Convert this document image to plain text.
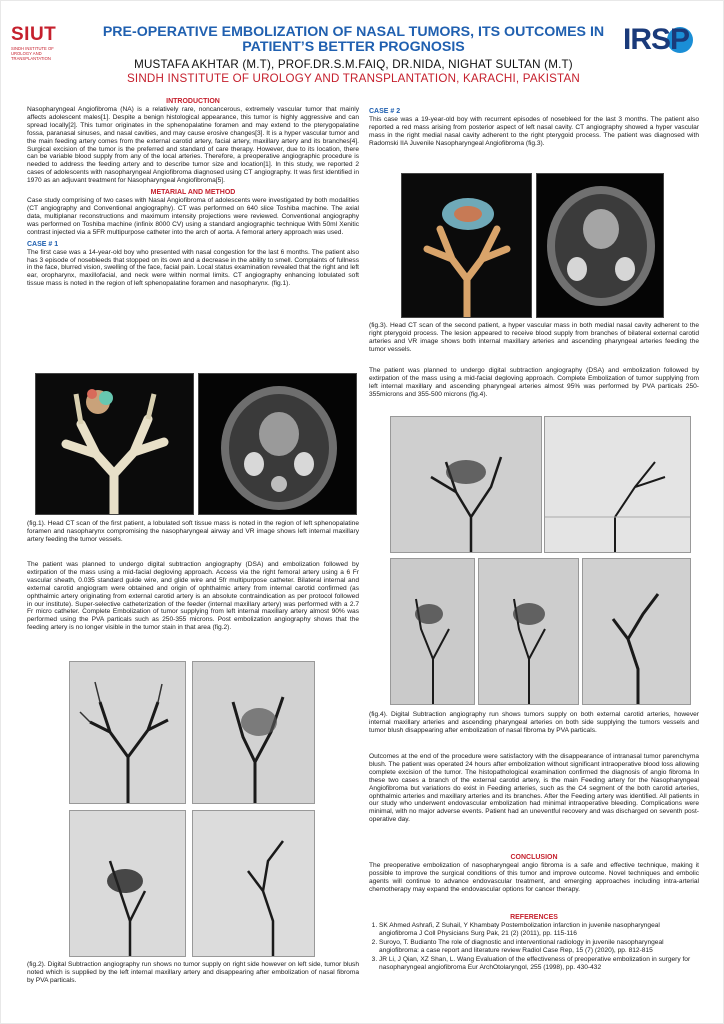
SIUT
SINDH INSTITUTE OF UROLOGY AND TRANSPLANTATION
IRSP
PRE-OPERATIVE EMBOLIZATION OF NASAL TUMORS, ITS OUTCOMES IN
PATIENT’S BETTER PROGNOSIS
MUSTAFA AKHTAR (M.T), PROF.DR.S.M.FAIQ, DR.NIDA, NIGHAT SULTAN (M.T)
SINDH INSTITUTE OF UROLOGY AND TRANSPLANTATION, KARACHI, PAKISTAN
INTRODUCTION
Nasopharyngeal Angiofibroma (NA) is a relatively rare, noncancerous, extremely vascular tumor that mainly affects adolescent males[1]. Despite a benign histological appearance, this tumor is highly aggressive and can spread locally[2]. This tumor originates in the sphenopalatine foramen and may extend to the pterygopalatine fossa, paranasal sinuses, and nasal cavities, and may cause erosive changes[3]. It is a hyper vascular tumor and the main feeding artery comes from the external carotid artery, facial artery, maxillary artery and its branches[4]. Surgical excision of the tumor is the preferred and standard of care therapy. However, due to its location, there can be variable blood supply from any of the local arteries. Therefore, a preoperative angiographic procedure is needed to address the feeding artery and to describe tumor size and location[1]. In this study, we reported 2 cases of adolescents with nasopharyngeal Angiofibroma diagnosed using CT angiography. It was first identified in 1970 as an adjuvant treatment for Nasopharyngeal Angiofibroma[5].
METARIAL AND METHOD
Case study comprising of two cases with Nasal Angiofibroma of adolescents were investigated by both modalities (CT angiography and Conventional angiography). CT was performed on 640 slice Toshiba machine. The axial data, multiplanar reconstructions and maximum intensity projections were reviewed. Conventional angiography was performed on Toshiba machine (infinix 8000 CV) using a standard angiographic technique With 50ml Xenitic contrast injected via a 5FR multipurpose catheter into the arch of aorta. A femoral artery approach was used.
CASE # 1
The first case was a 14-year-old boy who presented with nasal congestion for the last 6 months. The patient also has 3 episode of nosebleeds that stopped on its own and a decrease in the ability to smell. Complaints of fullness in the face, blurred vision, swelling of the face, facial pain. Local status examination revealed that the right and left ear, oropharynx, maxillofacial, and neck were within normal limits. CT angiography enhancing lobulated soft tissue mass is noted in the region of left sphenopalatine foramen and nasopharynx. (fig.1).
(fig.1). Head CT scan of the first patient, a lobulated soft tissue mass is noted in the region of left sphenopalatine foramen and nasopharynx compromising the nasopharyngeal airway and VR image shows left internal maxillary artery feeding the tumor vessels.
The patient was planned to undergo digital subtraction angiography (DSA) and embolization followed by extirpation of the mass using a mid-facial degloving approach. Access via the right femoral artery using a 6 Fr vascular sheath, 0.035 standard guide wire, and glide wire and 5fr multipurpose catheter. Bilateral internal and external carotid angiogram were obtained and origin of ophthalmic artery from internal carotid confirmed (as ophthalmic artery originating from external carotid artery is an absolute contraindication as per protocol followed in our institute). Super-selective catheterization of the feeder (internal maxillary artery) was performed with a 2.7 Fr micro catheter. Complete Embolization of tumor supplying from left internal maxillary artery almost 90% was performed using the PVA particals such as 250-355 microns. Post embolization angiography shows that the feeding artery is no longer visible in the tumor stain in that area (fig.2).
(fig.2). Digital Subtraction angiography run shows no tumor supply on right side however on left side, tumor blush noted which is supplied by the left internal maxillary artery and disappearing after embolization of nasal fibroma by PVA particals.
CASE # 2
This case was a 19-year-old boy with recurrent episodes of nosebleed for the last 3 months. The patient also reported a red mass arising from posterior aspect of left nasal cavity. CT angiography showed a hyper vascular mass in the right medial nasal cavity adherent to the right pterygoid process. The patient was diagnosed with Radomski IIA Juvenile Nasopharyngeal Angiofibroma (fig.3).
(fig.3). Head CT scan of the second patient, a hyper vascular mass in both medial nasal cavity adherent to the right pterygoid process. The lesion appeared to receive blood supply from branches of bilateral external carotid arteries and VR image shows both internal maxillary arteries and ascending pharyngeal arteries feeding the tumor vessels.
The patient was planned to undergo digital subtraction angiography (DSA) and embolization followed by extirpation of the mass using a mid-facial degloving approach. Complete Embolization of tumor supplying from left internal maxillary and ascending pharyngeal arteries almost 95% was performed by PVA particals 250-355microns and 355-500 microns (fig.4).
(fig.4). Digital Subtraction angiography run shows tumors supply on both external carotid arteries, however internal maxillary arteries and ascending pharyngeal arteries on both side supplying the tumors vessels and tumor blush disappearing after embolization of nasal fibroma by PVA particals.
Outcomes at the end of the procedure were satisfactory with the disappearance of intranasal tumor parenchyma blush. The patient was operated 24 hours after embolization without significant intraoperative blood loss allowing complete excision of the tumor. The histopathological examination confirmed the diagnosis of angio fibroma In these two cases a branch of the external carotid artery, is the main Feeding artery for the Nasopharyngeal Angiofibroma but variations do exist in Feeding arteries, such as the C4 segment of the both carotid arteries, ophthalmic arteries and maxillary arteries and its branches. After the Feeding artery was identified. All patients in our study who underwent endovascular embolization had minimal intraoperative bleeding. Complications were minimal, with no major adverse events. Patient had an uneventful recovery and was discharged on seventh post-operative day.
CONCLUSION
The preoperative embolization of nasopharyngeal angio fibroma is a safe and effective technique, making it possible to improve the surgical conditions of this tumor and improve outcome. Novel techniques and embolic agents will continue to advance endovascular treatment, and emerging approaches including intra-arterial chemotherapy may expand the endovascular options for cancer therapy.
REFERENCES
1. SK Ahmed Ashrafi, Z Suhail, Y Khambaty Postembolization infarction in juvenile nasopharyngeal angiofibroma J Coll Physicians Surg Pak, 21 (2) (2011), pp. 115-116
2. Suroyo, T. Budianto The role of diagnostic and interventional radiology in juvenile nasopharyngeal angiofibroma: a case report and literature review Radiol Case Rep, 15 (7) (2020), pp. 812-815
3. JR Li, J Qian, XZ Shan, L. Wang Evaluation of the effectiveness of preoperative embolization in surgery for nasopharyngeal angiofibroma Eur ArchOtolaryngol, 255 (1998), pp. 430-432
